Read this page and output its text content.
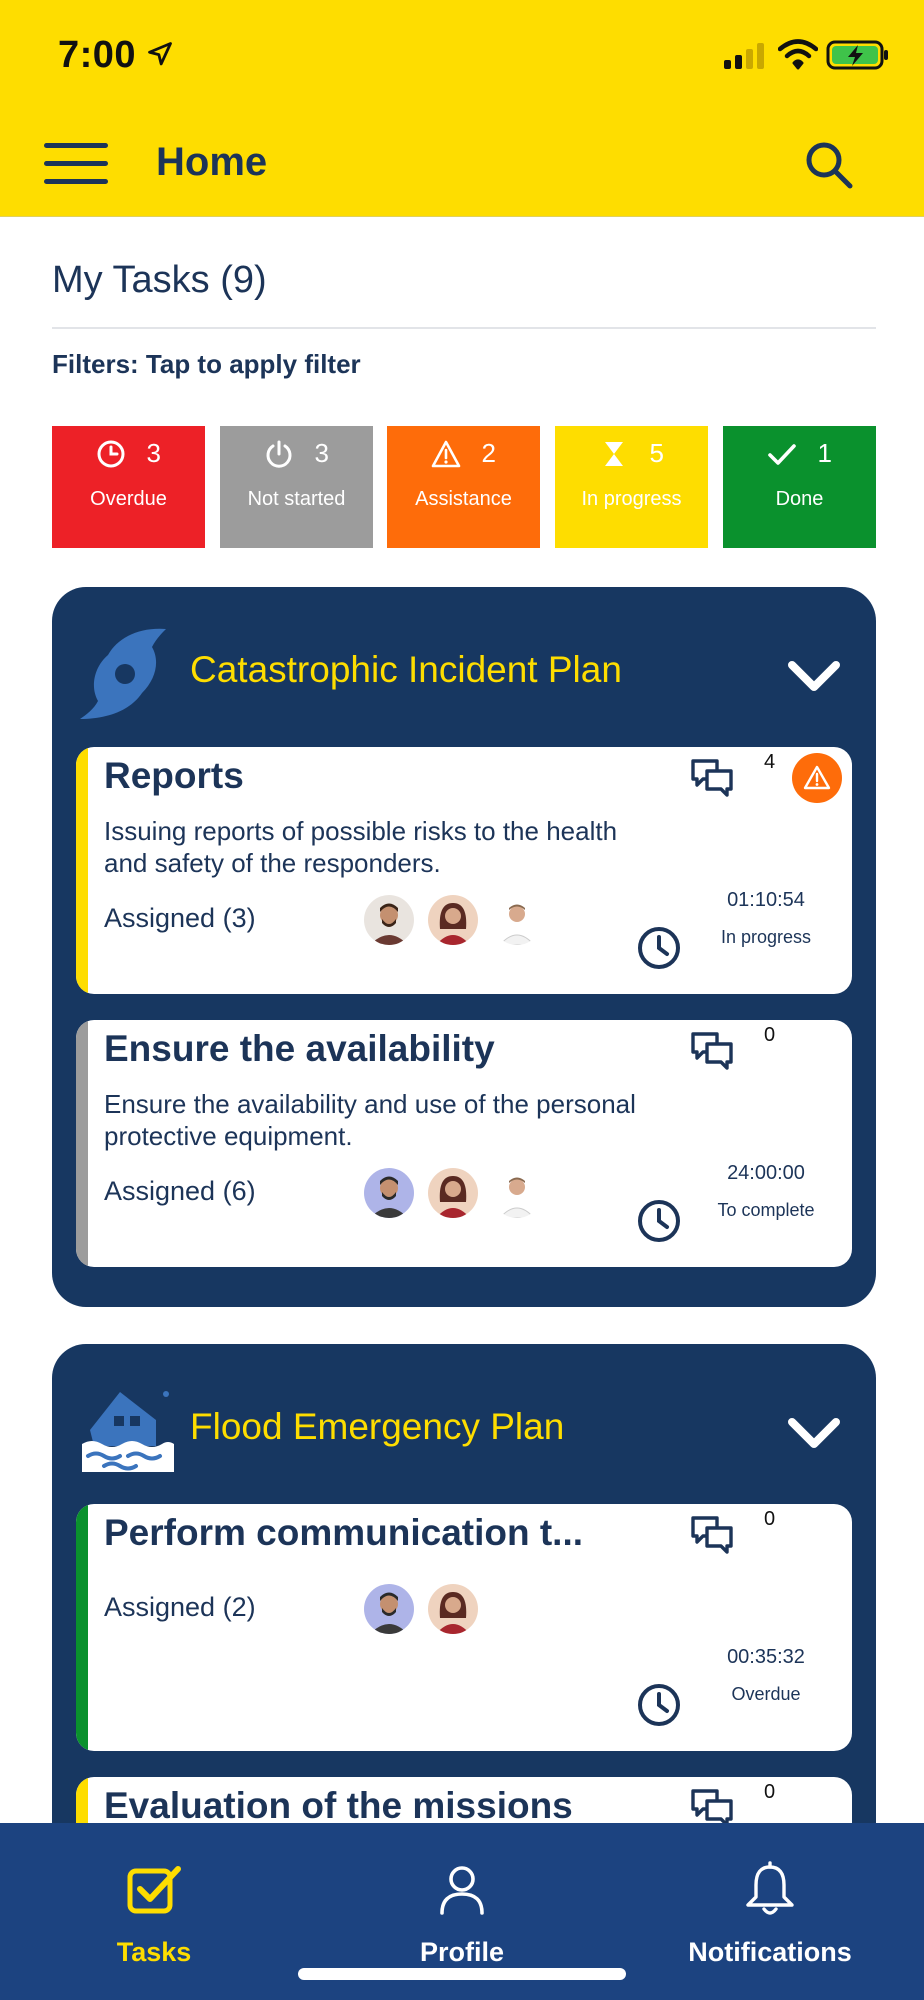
7:00
Home
My Tasks (9)
Filters: Tap to apply filter
3
Overdue
3
Not started
2
Assistance
5
In progress
1
Done
Catastrophic Incident Plan
Reports	4
Issuing reports of possible risks to the health and safety of the responders.
Assigned (3)
01:10:54
In progress
Ensure the availability	0
Ensure the availability and use of the personal protective equipment.
Assigned (6)
24:00:00
To complete
Flood Emergency Plan
Perform communication t...	0
Assigned (2)
00:35:32
Overdue
Evaluation of the missions	0
Tasks	Profile	Notifications
